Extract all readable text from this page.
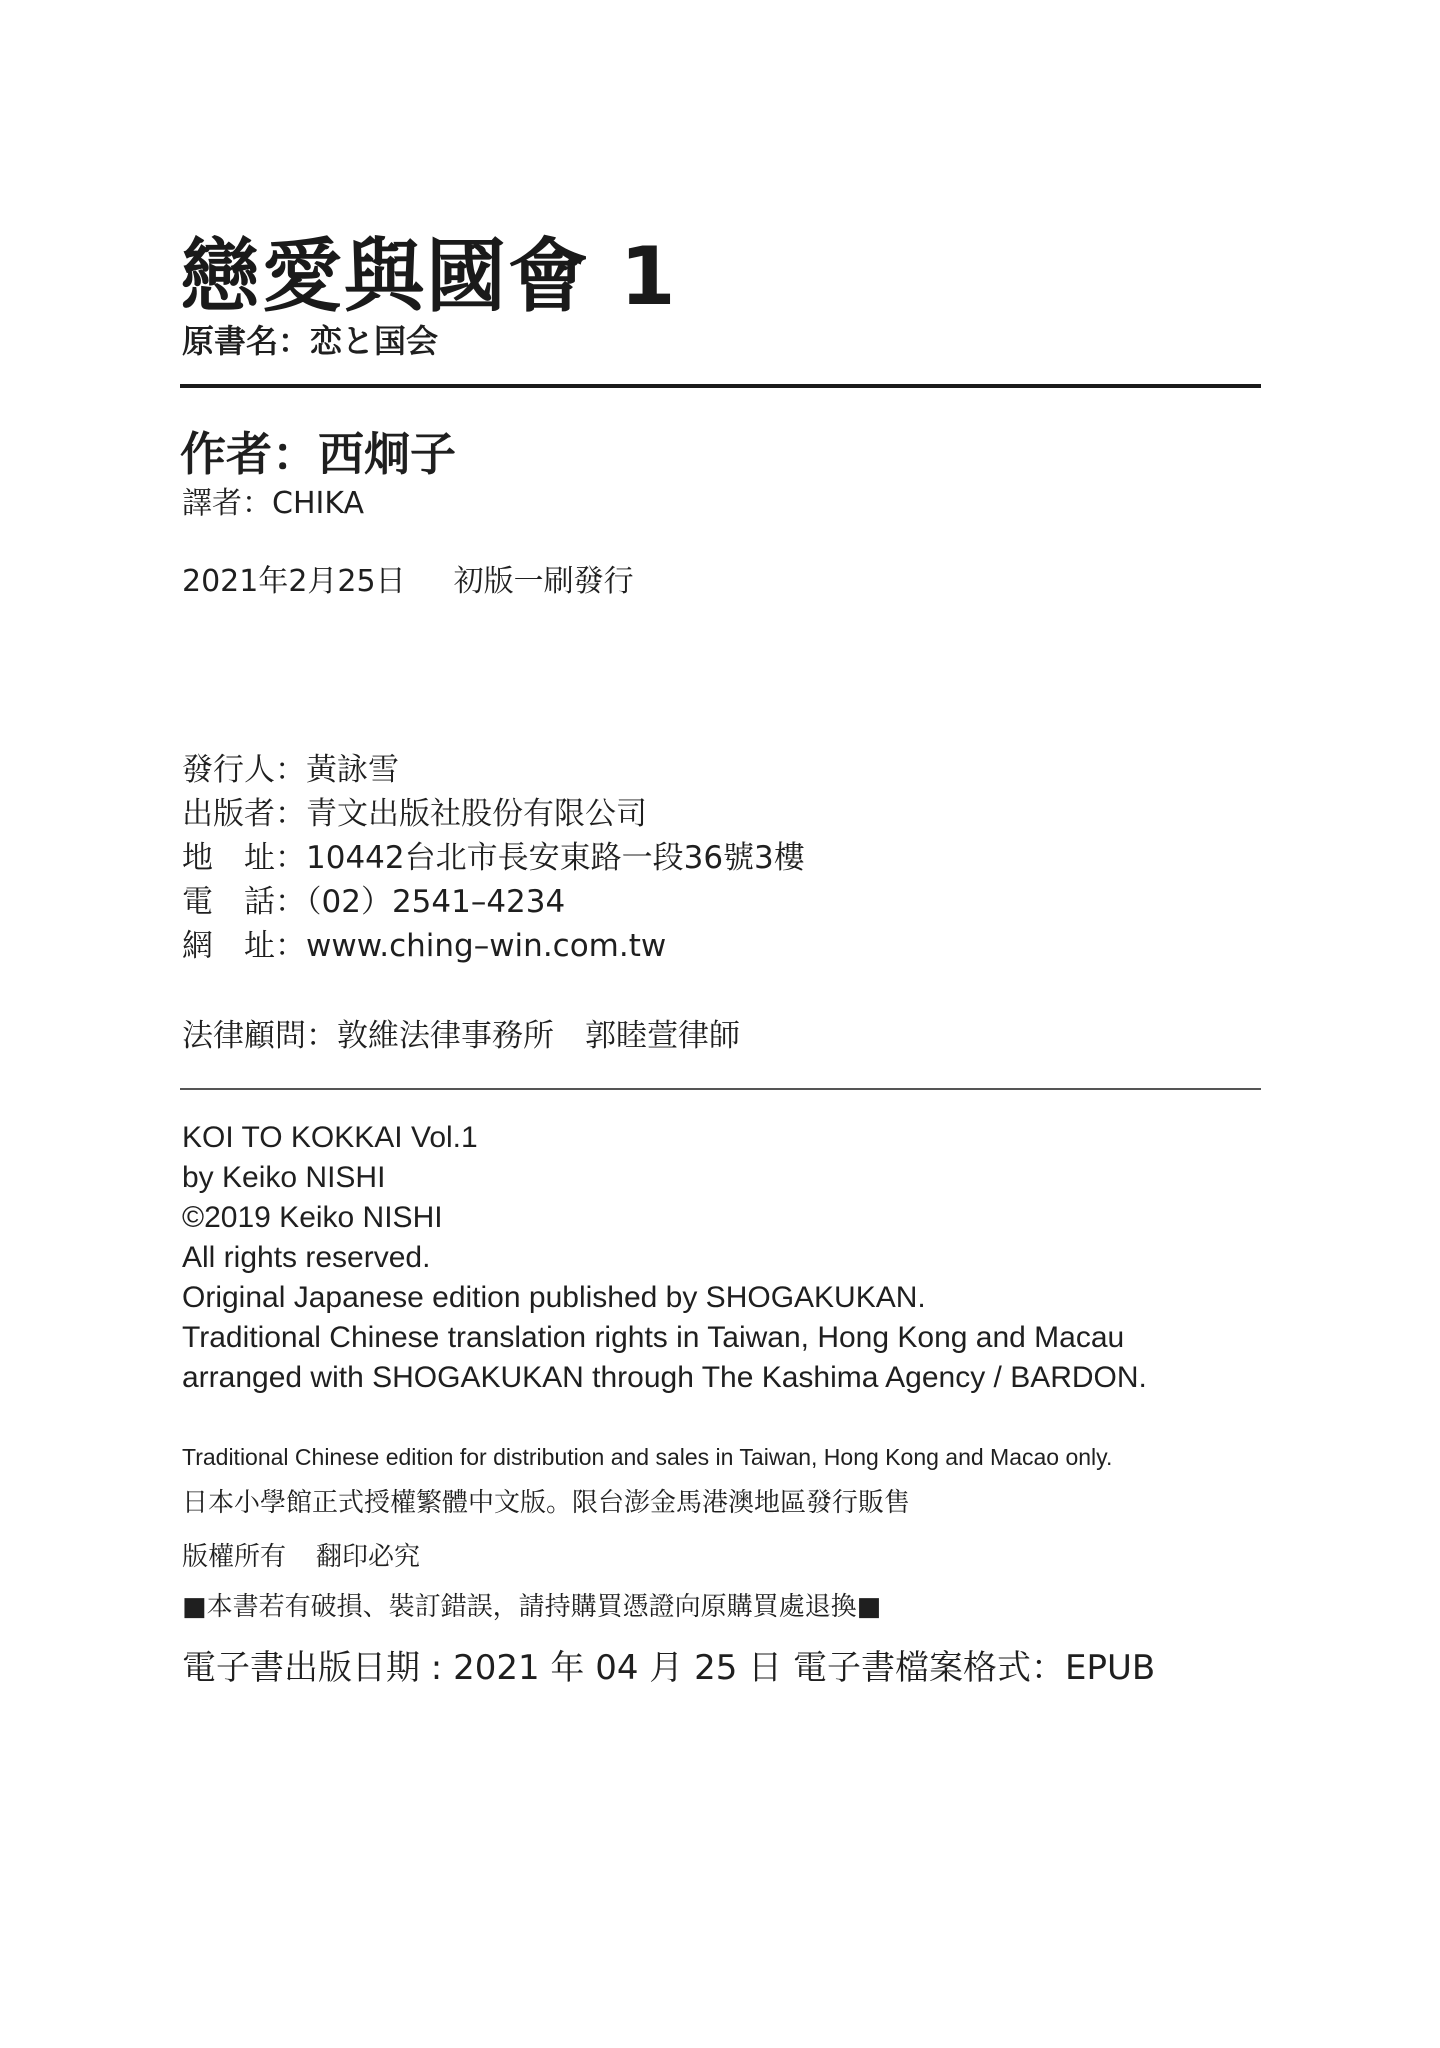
戀愛與國會 1
原書名：恋と国会
作者：西炯子
譯者：CHIKA
2021年2月25日 初版一刷發行
發行人：黃詠雪
出版者：青文出版社股份有限公司
地　址：10442台北市長安東路一段36號3樓
電　話：（02）2541–4234
網　址：www.ching–win.com.tw
法律顧問：敦維法律事務所　郭睦萱律師
KOI TO KOKKAI Vol.1
by Keiko NISHI
©2019 Keiko NISHI
All rights reserved.
Original Japanese edition published by SHOGAKUKAN.
Traditional Chinese translation rights in Taiwan, Hong Kong and Macau
arranged with SHOGAKUKAN through The Kashima Agency / BARDON.
Traditional Chinese edition for distribution and sales in Taiwan, Hong Kong and Macao only.
日本小學館正式授權繁體中文版。限台澎金馬港澳地區發行販售
版權所有 翻印必究
■本書若有破損、裝訂錯誤，請持購買憑證向原購買處退換■
電子書出版日期 : 2021 年 04 月 25 日 電子書檔案格式：EPUB
